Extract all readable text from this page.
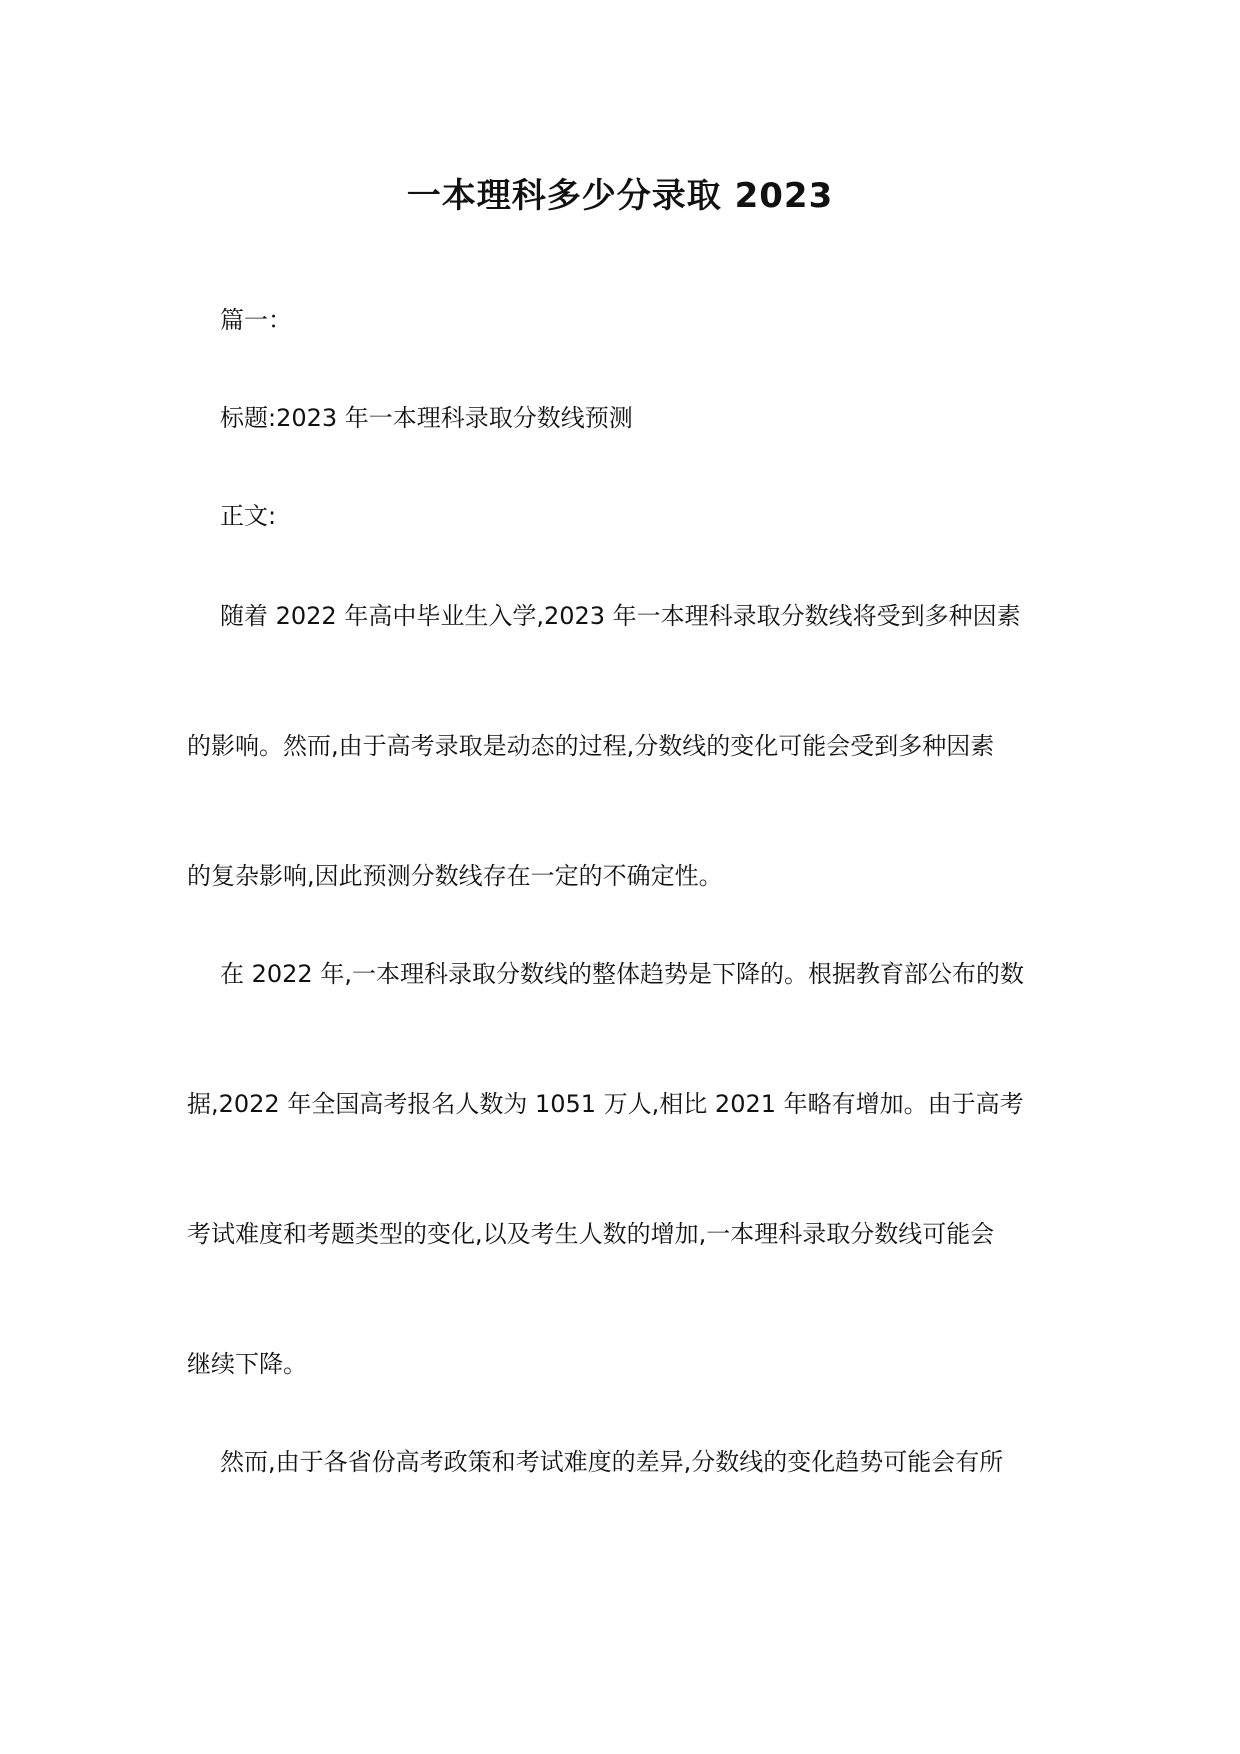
一本理科多少分录取 2023
篇一：
标题:2023 年一本理科录取分数线预测
正文:
随着 2022 年高中毕业生入学,2023 年一本理科录取分数线将受到多种因素
的影响。然而,由于高考录取是动态的过程,分数线的变化可能会受到多种因素
的复杂影响,因此预测分数线存在一定的不确定性。
在 2022 年,一本理科录取分数线的整体趋势是下降的。根据教育部公布的数
据,2022 年全国高考报名人数为 1051 万人,相比 2021 年略有增加。由于高考
考试难度和考题类型的变化,以及考生人数的增加,一本理科录取分数线可能会
继续下降。
然而,由于各省份高考政策和考试难度的差异,分数线的变化趋势可能会有所
